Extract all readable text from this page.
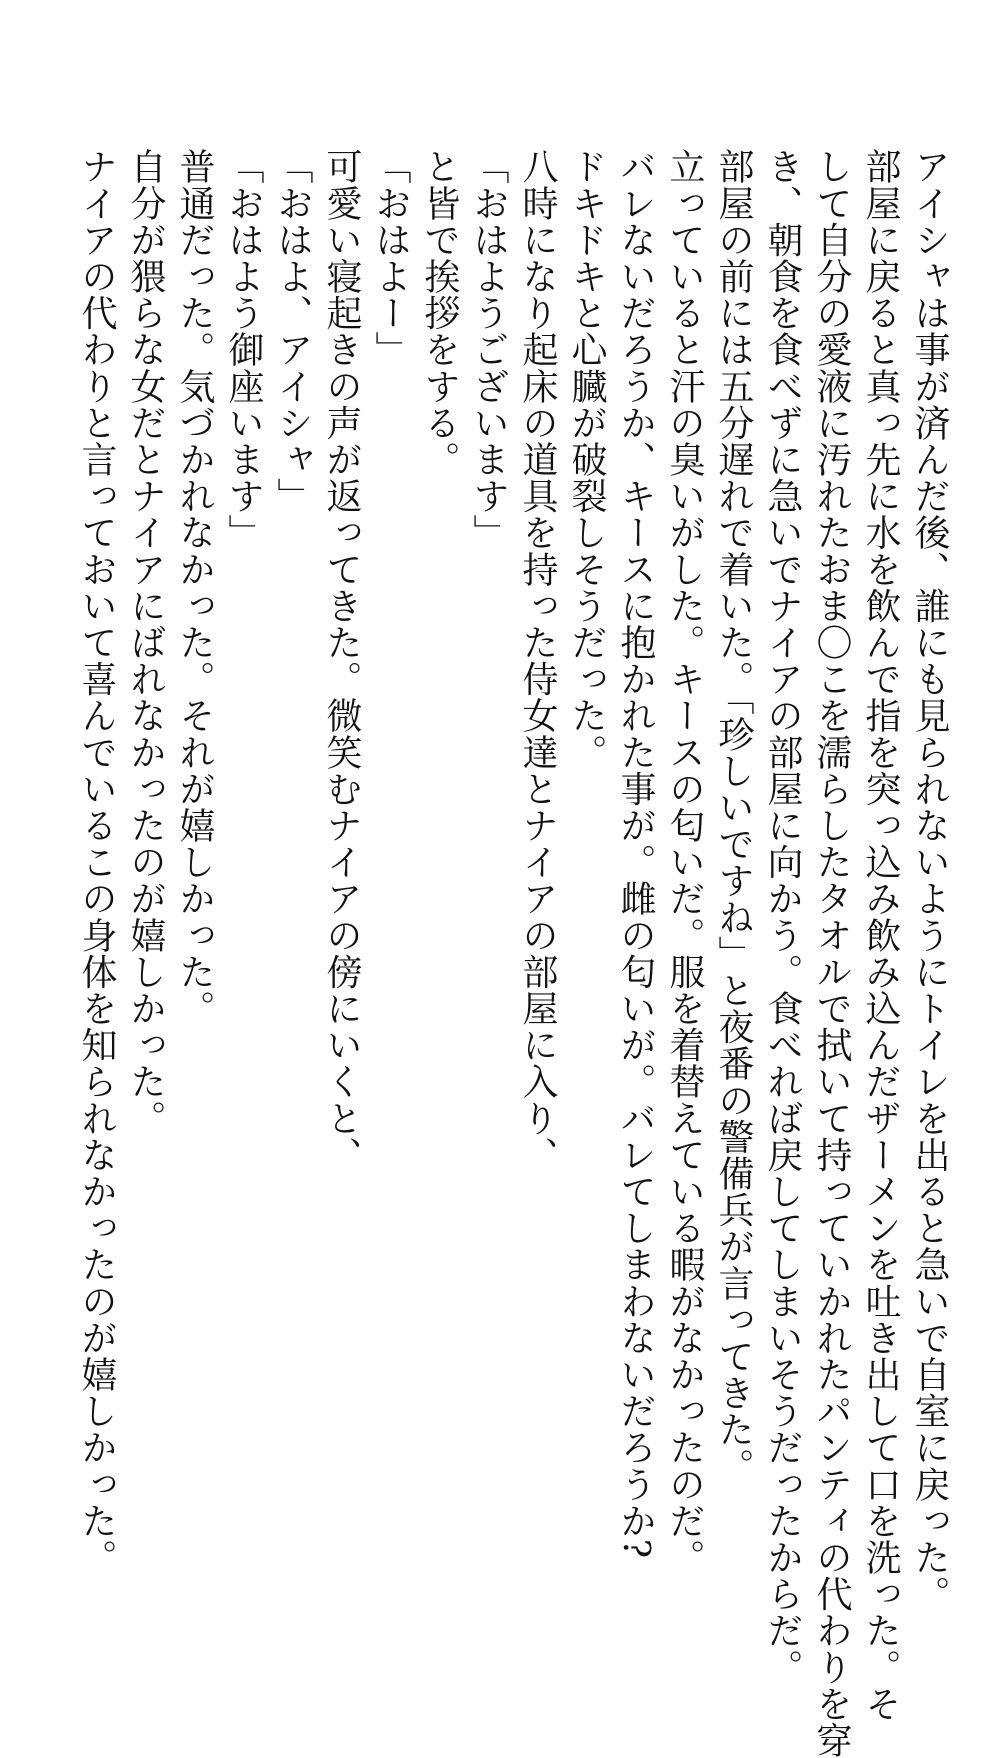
アイシャは事が済んだ後、誰にも見られないようにトイレを出ると急いで自室に戻った。
部屋に戻ると真っ先に水を飲んで指を突っ込み飲み込んだザーメンを吐き出して口を洗った。そ
して自分の愛液に汚れたおま〇こを濡らしたタオルで拭いて持っていかれたパンティの代わりを穿
き、朝食を食べずに急いでナイアの部屋に向かう。食べれば戻してしまいそうだったからだ。
部屋の前には五分遅れで着いた。「珍しいですね」と夜番の警備兵が言ってきた。
立っていると汗の臭いがした。キースの匂いだ。服を着替えている暇がなかったのだ。
バレないだろうか、キースに抱かれた事が。雌の匂いが。バレてしまわないだろうか?
ドキドキと心臓が破裂しそうだった。
八時になり起床の道具を持った侍女達とナイアの部屋に入り、
「おはようございます」
と皆で挨拶をする。
「おはよー」
可愛い寝起きの声が返ってきた。微笑むナイアの傍にいくと、
「おはよ、アイシャ」
「おはよう御座います」
普通だった。気づかれなかった。それが嬉しかった。
自分が猥らな女だとナイアにばれなかったのが嬉しかった。
ナイアの代わりと言っておいて喜んでいるこの身体を知られなかったのが嬉しかった。
